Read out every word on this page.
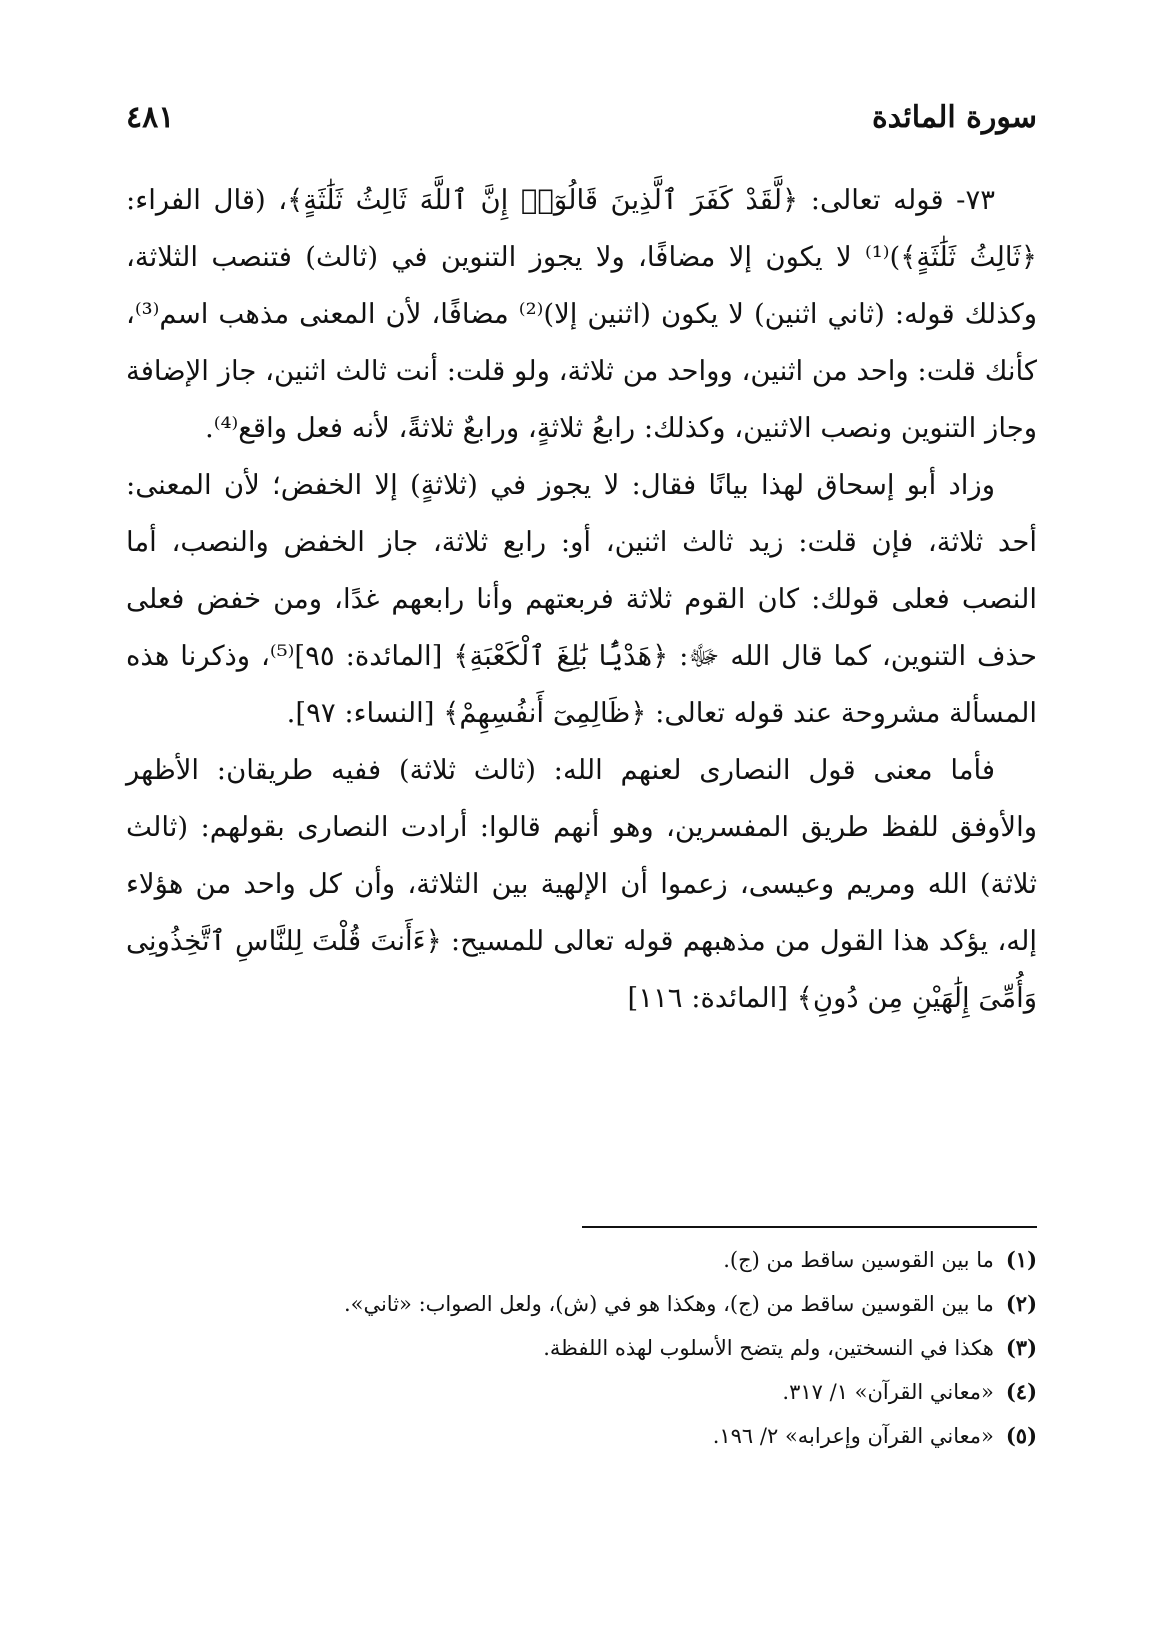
سورة المائدة
٤٨١

٧٣- قوله تعالى: ﴿لَّقَدْ كَفَرَ ٱلَّذِينَ قَالُوٓا۟ إِنَّ ٱللَّهَ ثَالِثُ ثَلَٰثَةٍ﴾، (قال الفراء: ﴿ثَالِثُ ثَلَٰثَةٍ﴾)⁽¹⁾ لا يكون إلا مضافًا، ولا يجوز التنوين في (ثالث) فتنصب الثلاثة، وكذلك قوله: (ثاني اثنين) لا يكون (اثنين إلا)⁽²⁾ مضافًا، لأن المعنى مذهب اسم⁽³⁾، كأنك قلت: واحد من اثنين، وواحد من ثلاثة، ولو قلت: أنت ثالث اثنين، جاز الإضافة وجاز التنوين ونصب الاثنين، وكذلك: رابعُ ثلاثةٍ، ورابعٌ ثلاثةً، لأنه فعل واقع⁽⁴⁾.

وزاد أبو إسحاق لهذا بيانًا فقال: لا يجوز في (ثلاثةٍ) إلا الخفض؛ لأن المعنى: أحد ثلاثة، فإن قلت: زيد ثالث اثنين، أو: رابع ثلاثة، جاز الخفض والنصب، أما النصب فعلى قولك: كان القوم ثلاثة فربعتهم وأنا رابعهم غدًا، ومن خفض فعلى حذف التنوين، كما قال الله ﷻ: ﴿هَدْيًۢا بَٰلِغَ ٱلْكَعْبَةِ﴾ [المائدة: ٩٥]⁽⁵⁾، وذكرنا هذه المسألة مشروحة عند قوله تعالى: ﴿ظَالِمِىٓ أَنفُسِهِمْ﴾ [النساء: ٩٧].

فأما معنى قول النصارى لعنهم الله: (ثالث ثلاثة) ففيه طريقان: الأظهر والأوفق للفظ طريق المفسرين، وهو أنهم قالوا: أرادت النصارى بقولهم: (ثالث ثلاثة) الله ومريم وعيسى، زعموا أن الإلهية بين الثلاثة، وأن كل واحد من هؤلاء إله، يؤكد هذا القول من مذهبهم قوله تعالى للمسيح: ﴿ءَأَنتَ قُلْتَ لِلنَّاسِ ٱتَّخِذُونِى وَأُمِّىَ إِلَٰهَيْنِ مِن دُونِ﴾ [المائدة: ١١٦]

(١)ما بين القوسين ساقط من (ج).

(٢)ما بين القوسين ساقط من (ج)، وهكذا هو في (ش)، ولعل الصواب: «ثاني».

(٣)هكذا في النسختين، ولم يتضح الأسلوب لهذه اللفظة.

(٤)«معاني القرآن» ١/ ٣١٧.

(٥)«معاني القرآن وإعرابه» ٢/ ١٩٦.
